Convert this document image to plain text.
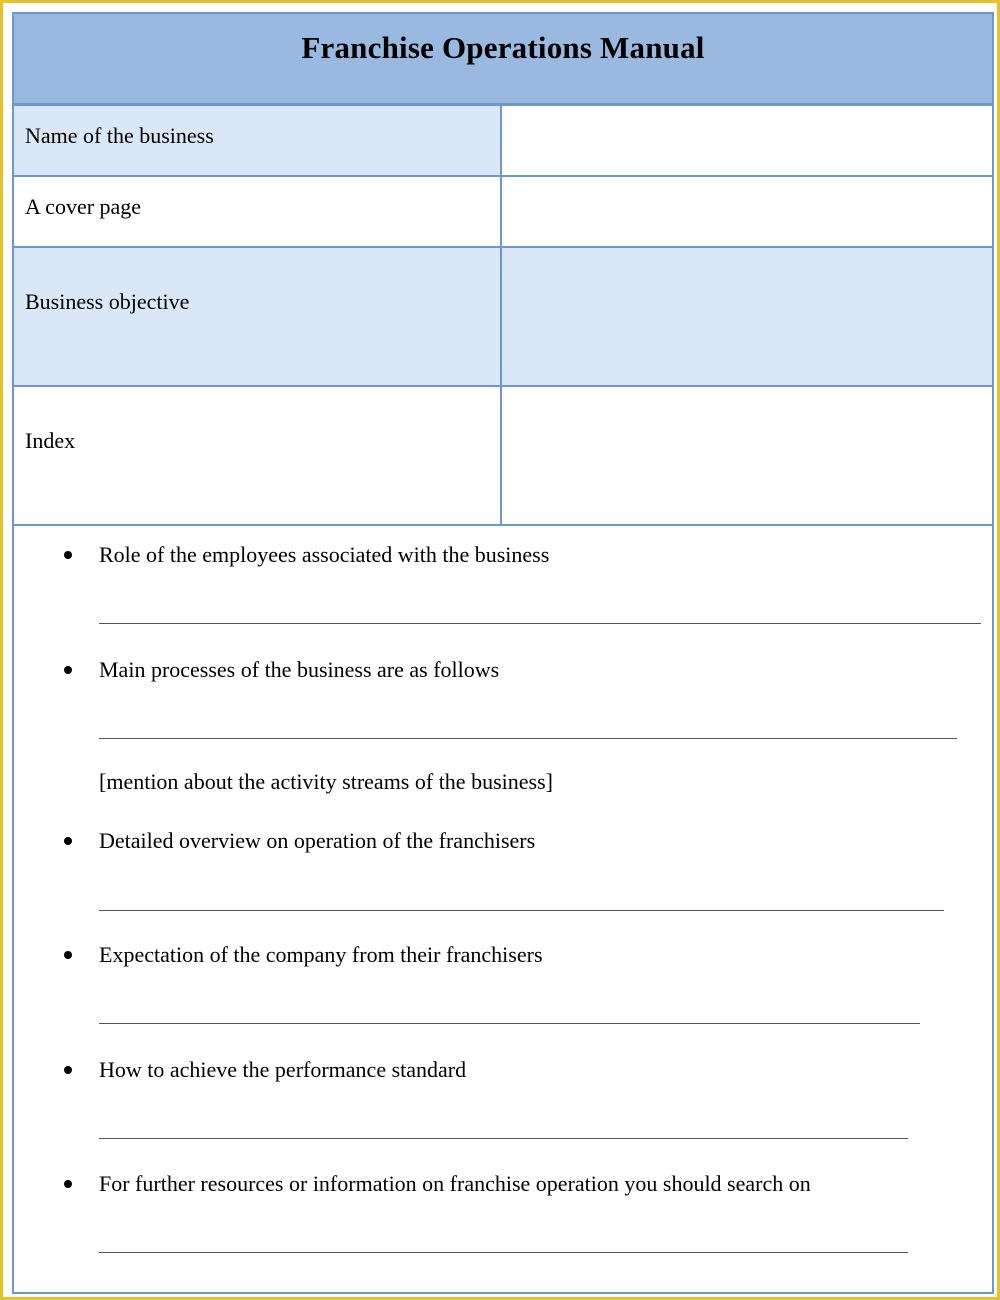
Franchise Operations Manual
Name of the business
A cover page
Business objective
Index
Role of the employees associated with the business
Main processes of the business are as follows
[mention about the activity streams of the business]
Detailed overview on operation of the franchisers
Expectation of the company from their franchisers
How to achieve the performance standard
For further resources or information on franchise operation you should search on
